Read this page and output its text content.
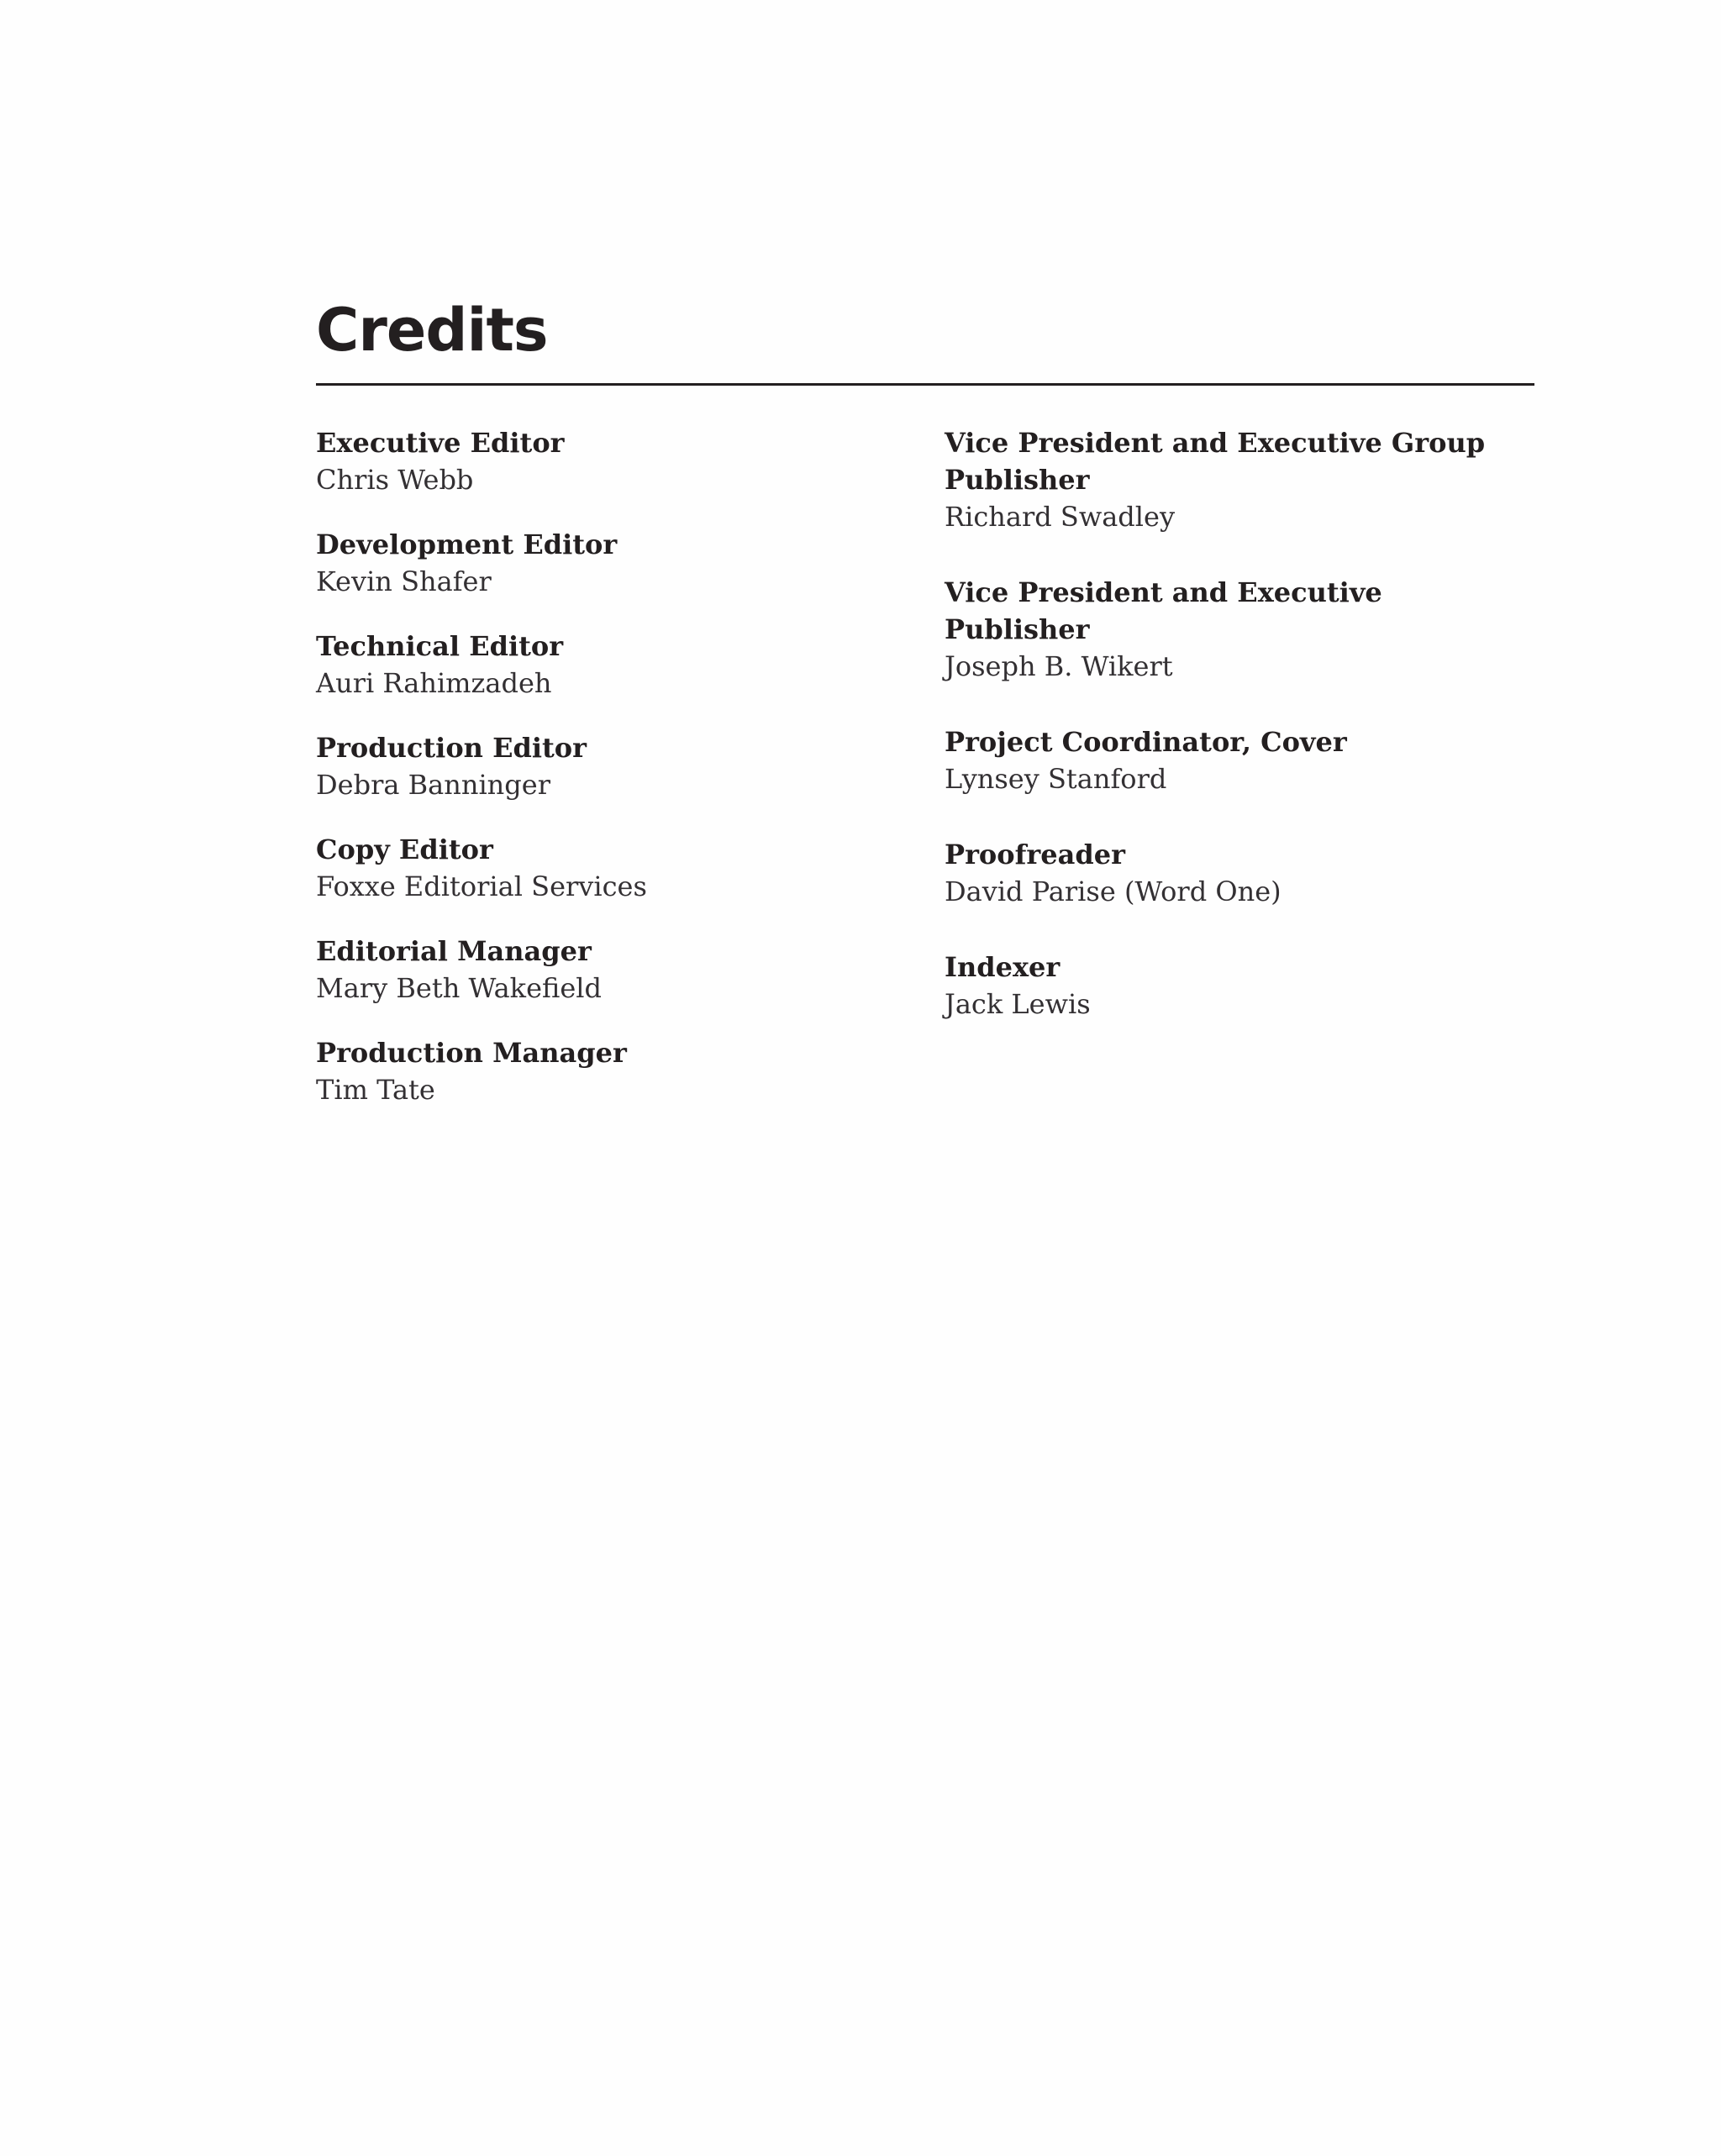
Credits
Executive Editor
Chris Webb
Development Editor
Kevin Shafer
Technical Editor
Auri Rahimzadeh
Production Editor
Debra Banninger
Copy Editor
Foxxe Editorial Services
Editorial Manager
Mary Beth Wakefield
Production Manager
Tim Tate
Vice President and Executive Group Publisher
Richard Swadley
Vice President and Executive Publisher
Joseph B. Wikert
Project Coordinator, Cover
Lynsey Stanford
Proofreader
David Parise (Word One)
Indexer
Jack Lewis
